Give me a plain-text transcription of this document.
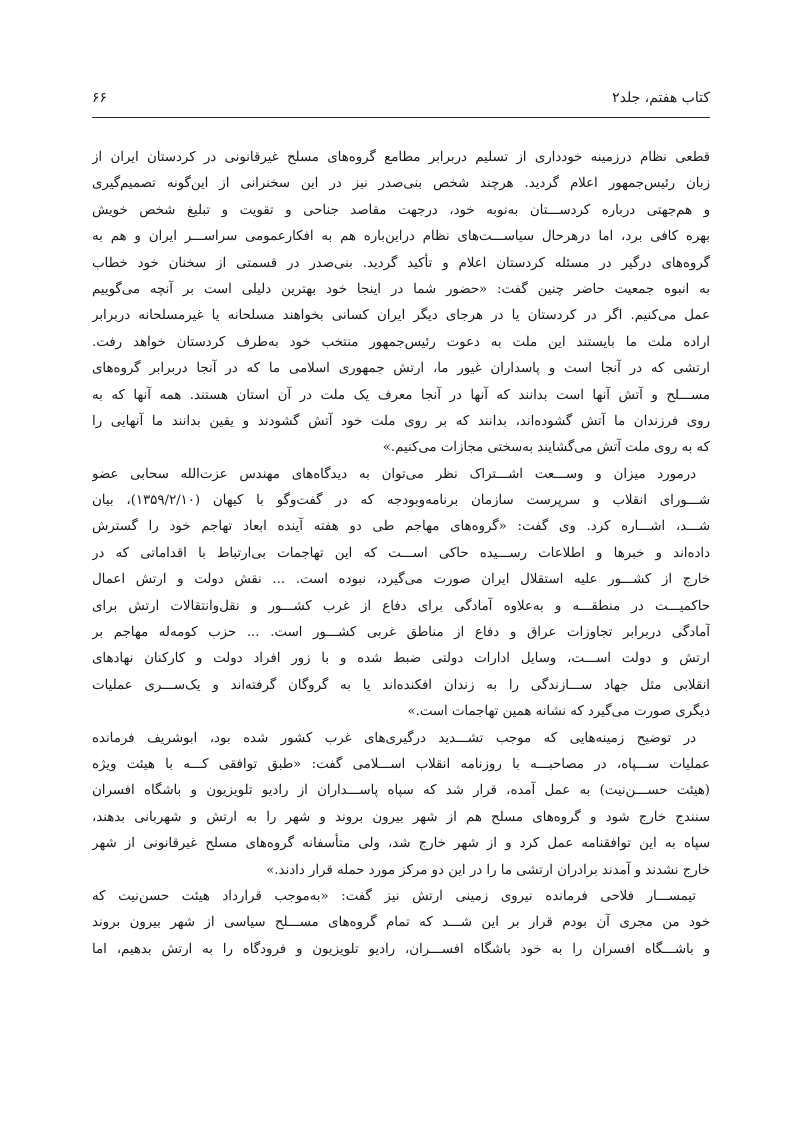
کتاب هفتم، جلد۲
۶۶
قطعی نظام درزمینه خودداری از تسلیم دربرابر مطامع گروه‌های مسلح غیرقانونی در کردستان ایران از
زبان رئیس‌جمهور اعلام گردید. هرچند شخص بنی‌صدر نیز در این سخنرانی از این‌گونه تصمیم‌گیری
و هم‌جهتی درباره کردســـتان به‌نوبه خود، درجهت مقاصد جناحی و تقویت و تبلیغ شخص خویش
بهره کافی برد، اما درهرحال سیاســـت‌های نظام دراین‌باره هم به افکارعمومی سراســـر ایران و هم به
گروه‌های درگیر در مسئله کردستان اعلام و تأکید گردید. بنی‌صدر در قسمتی از سخنان خود خطاب
به انبوه جمعیت حاضر چنین گفت: «حضور شما در اینجا خود بهترین دلیلی است بر آنچه می‌گوییم
عمل می‌کنیم. اگر در کردستان یا در هرجای دیگر ایران کسانی بخواهند مسلحانه یا غیرمسلحانه دربرابر
اراده ملت ما بایستند این ملت به دعوت رئیس‌جمهور منتخب خود به‌طرف کردستان خواهد رفت.
ارتشی که در آنجا است و پاسداران غیور ما، ارتش جمهوری اسلامی ما که در آنجا دربرابر گروه‌های
مســـلح و آتش آنها است بدانند که آنها در آنجا معرف یک ملت در آن استان هستند. همه آنها که به
روی فرزندان ما آتش گشوده‌اند، بدانند که بر روی ملت خود آتش گشودند و یقین بدانند ما آنهایی را
که به روی ملت آتش می‌گشایند به‌سختی مجازات می‌کنیم.»
درمورد میزان و وســـعت اشـــتراک نظر می‌توان به دیدگاه‌های مهندس عزت‌الله سحابی عضو
شـــورای انقلاب و سرپرست سازمان برنامه‌وبودجه که در گفت‌وگو با کیهان (۱۳۵۹/۲/۱۰)، بیان
شـــد، اشـــاره کرد. وی گفت: «گروه‌های مهاجم طی دو هفته آینده ابعاد تهاجم خود را گسترش
داده‌اند و خبرها و اطلاعات رســـیده حاکی اســـت که این تهاجمات بی‌ارتباط با اقداماتی که در
خارج از کشـــور علیه استقلال ایران صورت می‌گیرد، نبوده است. ... نقش دولت و ارتش اعمال
حاکمیـــت در منطقـــه و به‌علاوه آمادگی برای دفاع از غرب کشـــور و نقل‌وانتقالات ارتش برای
آمادگی دربرابر تجاوزات عراق و دفاع از مناطق غربی کشـــور است. ... حزب کومه‌له مهاجم بر
ارتش و دولت اســـت، وسایل ادارات دولتی ضبط شده و با زور افراد دولت و کارکنان نهادهای
انقلابی مثل جهاد ســـازندگی را به زندان افکنده‌اند یا به گروگان گرفته‌اند و یک‌ســـری عملیات
دیگری صورت می‌گیرد که نشانه همین تهاجمات است.»
در توضیح زمینه‌هایی که موجب تشـــدید درگیری‌های غرب کشور شده بود، ابوشریف فرمانده
عملیات ســـپاه، در مصاحبـــه با روزنامه انقلاب اســـلامی گفت: «طبق توافقی کـــه با هیئت ویژه
(هیئت حســـن‌نیت) به عمل آمده، قرار شد که سپاه پاســـداران از رادیو تلویزیون و باشگاه افسران
سنندج خارج شود و گروه‌های مسلح هم از شهر بیرون بروند و شهر را به ارتش و شهربانی بدهند،
سپاه به این توافقنامه عمل کرد و از شهر خارج شد، ولی متأسفانه گروه‌های مسلح غیرقانونی از شهر
خارج نشدند و آمدند برادران ارتشی ما را در این دو مرکز مورد حمله قرار دادند.»
تیمســـار فلاحی فرمانده نیروی زمینی ارتش نیز گفت: «به‌موجب قرارداد هیئت حسن‌نیت که
خود من مجری آن بودم قرار بر این شـــد که تمام گروه‌های مســـلح سیاسی از شهر بیرون بروند
و باشـــگاه افسران را به خود باشگاه افســـران، رادیو تلویزیون و فرودگاه را به ارتش بدهیم، اما
